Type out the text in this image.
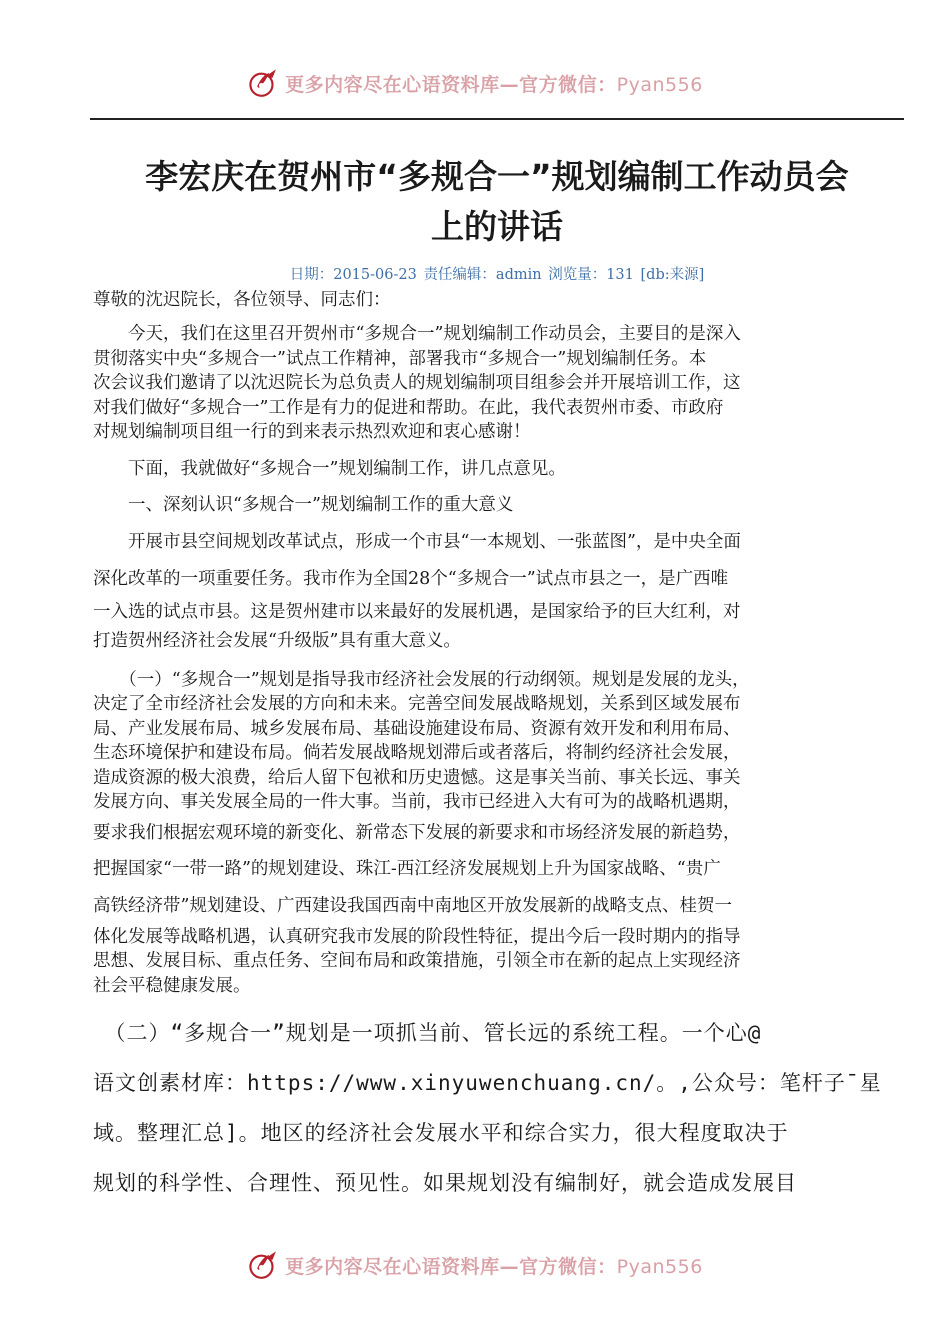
更多内容尽在心语资料库—官方微信：Pyan556
李宏庆在贺州市“多规合一”规划编制工作动员会
上的讲话
日期：2015-06-23 责任编辑：admin 浏览量：131 [db:来源]

尊敬的沈迟院长，各位领导、同志们：

　　今天，我们在这里召开贺州市“多规合一”规划编制工作动员会，主要目的是深入

贯彻落实中央“多规合一”试点工作精神，部署我市“多规合一”规划编制任务。本

次会议我们邀请了以沈迟院长为总负责人的规划编制项目组参会并开展培训工作，这

对我们做好“多规合一”工作是有力的促进和帮助。在此，我代表贺州市委、市政府

对规划编制项目组一行的到来表示热烈欢迎和衷心感谢！

　　下面，我就做好“多规合一”规划编制工作，讲几点意见。

　　一、深刻认识“多规合一”规划编制工作的重大意义

　　开展市县空间规划改革试点，形成一个市县“一本规划、一张蓝图”，是中央全面

深化改革的一项重要任务。我市作为全国28个“多规合一”试点市县之一，是广西唯

一入选的试点市县。这是贺州建市以来最好的发展机遇，是国家给予的巨大红利，对

打造贺州经济社会发展“升级版”具有重大意义。

　　（一）“多规合一”规划是指导我市经济社会发展的行动纲领。规划是发展的龙头，

决定了全市经济社会发展的方向和未来。完善空间发展战略规划，关系到区域发展布

局、产业发展布局、城乡发展布局、基础设施建设布局、资源有效开发和利用布局、

生态环境保护和建设布局。倘若发展战略规划滞后或者落后，将制约经济社会发展，

造成资源的极大浪费，给后人留下包袱和历史遗憾。这是事关当前、事关长远、事关

发展方向、事关发展全局的一件大事。当前，我市已经进入大有可为的战略机遇期，

要求我们根据宏观环境的新变化、新常态下发展的新要求和市场经济发展的新趋势，

把握国家“一带一路”的规划建设、珠江-西江经济发展规划上升为国家战略、“贵广

高铁经济带”规划建设、广西建设我国西南中南地区开放发展新的战略支点、桂贺一

体化发展等战略机遇，认真研究我市发展的阶段性特征，提出今后一段时期内的指导

思想、发展目标、重点任务、空间布局和政策措施，引领全市在新的起点上实现经济

社会平稳健康发展。

　（二）“多规合一”规划是一项抓当前、管长远的系统工程。一个心@

语文创素材库：https://www.xinyuwenchuang.cn/。,公众号：笔杆子¯星

域。整理汇总]。地区的经济社会发展水平和综合实力，很大程度取决于

规划的科学性、合理性、预见性。如果规划没有编制好，就会造成发展目

更多内容尽在心语资料库—官方微信：Pyan556
